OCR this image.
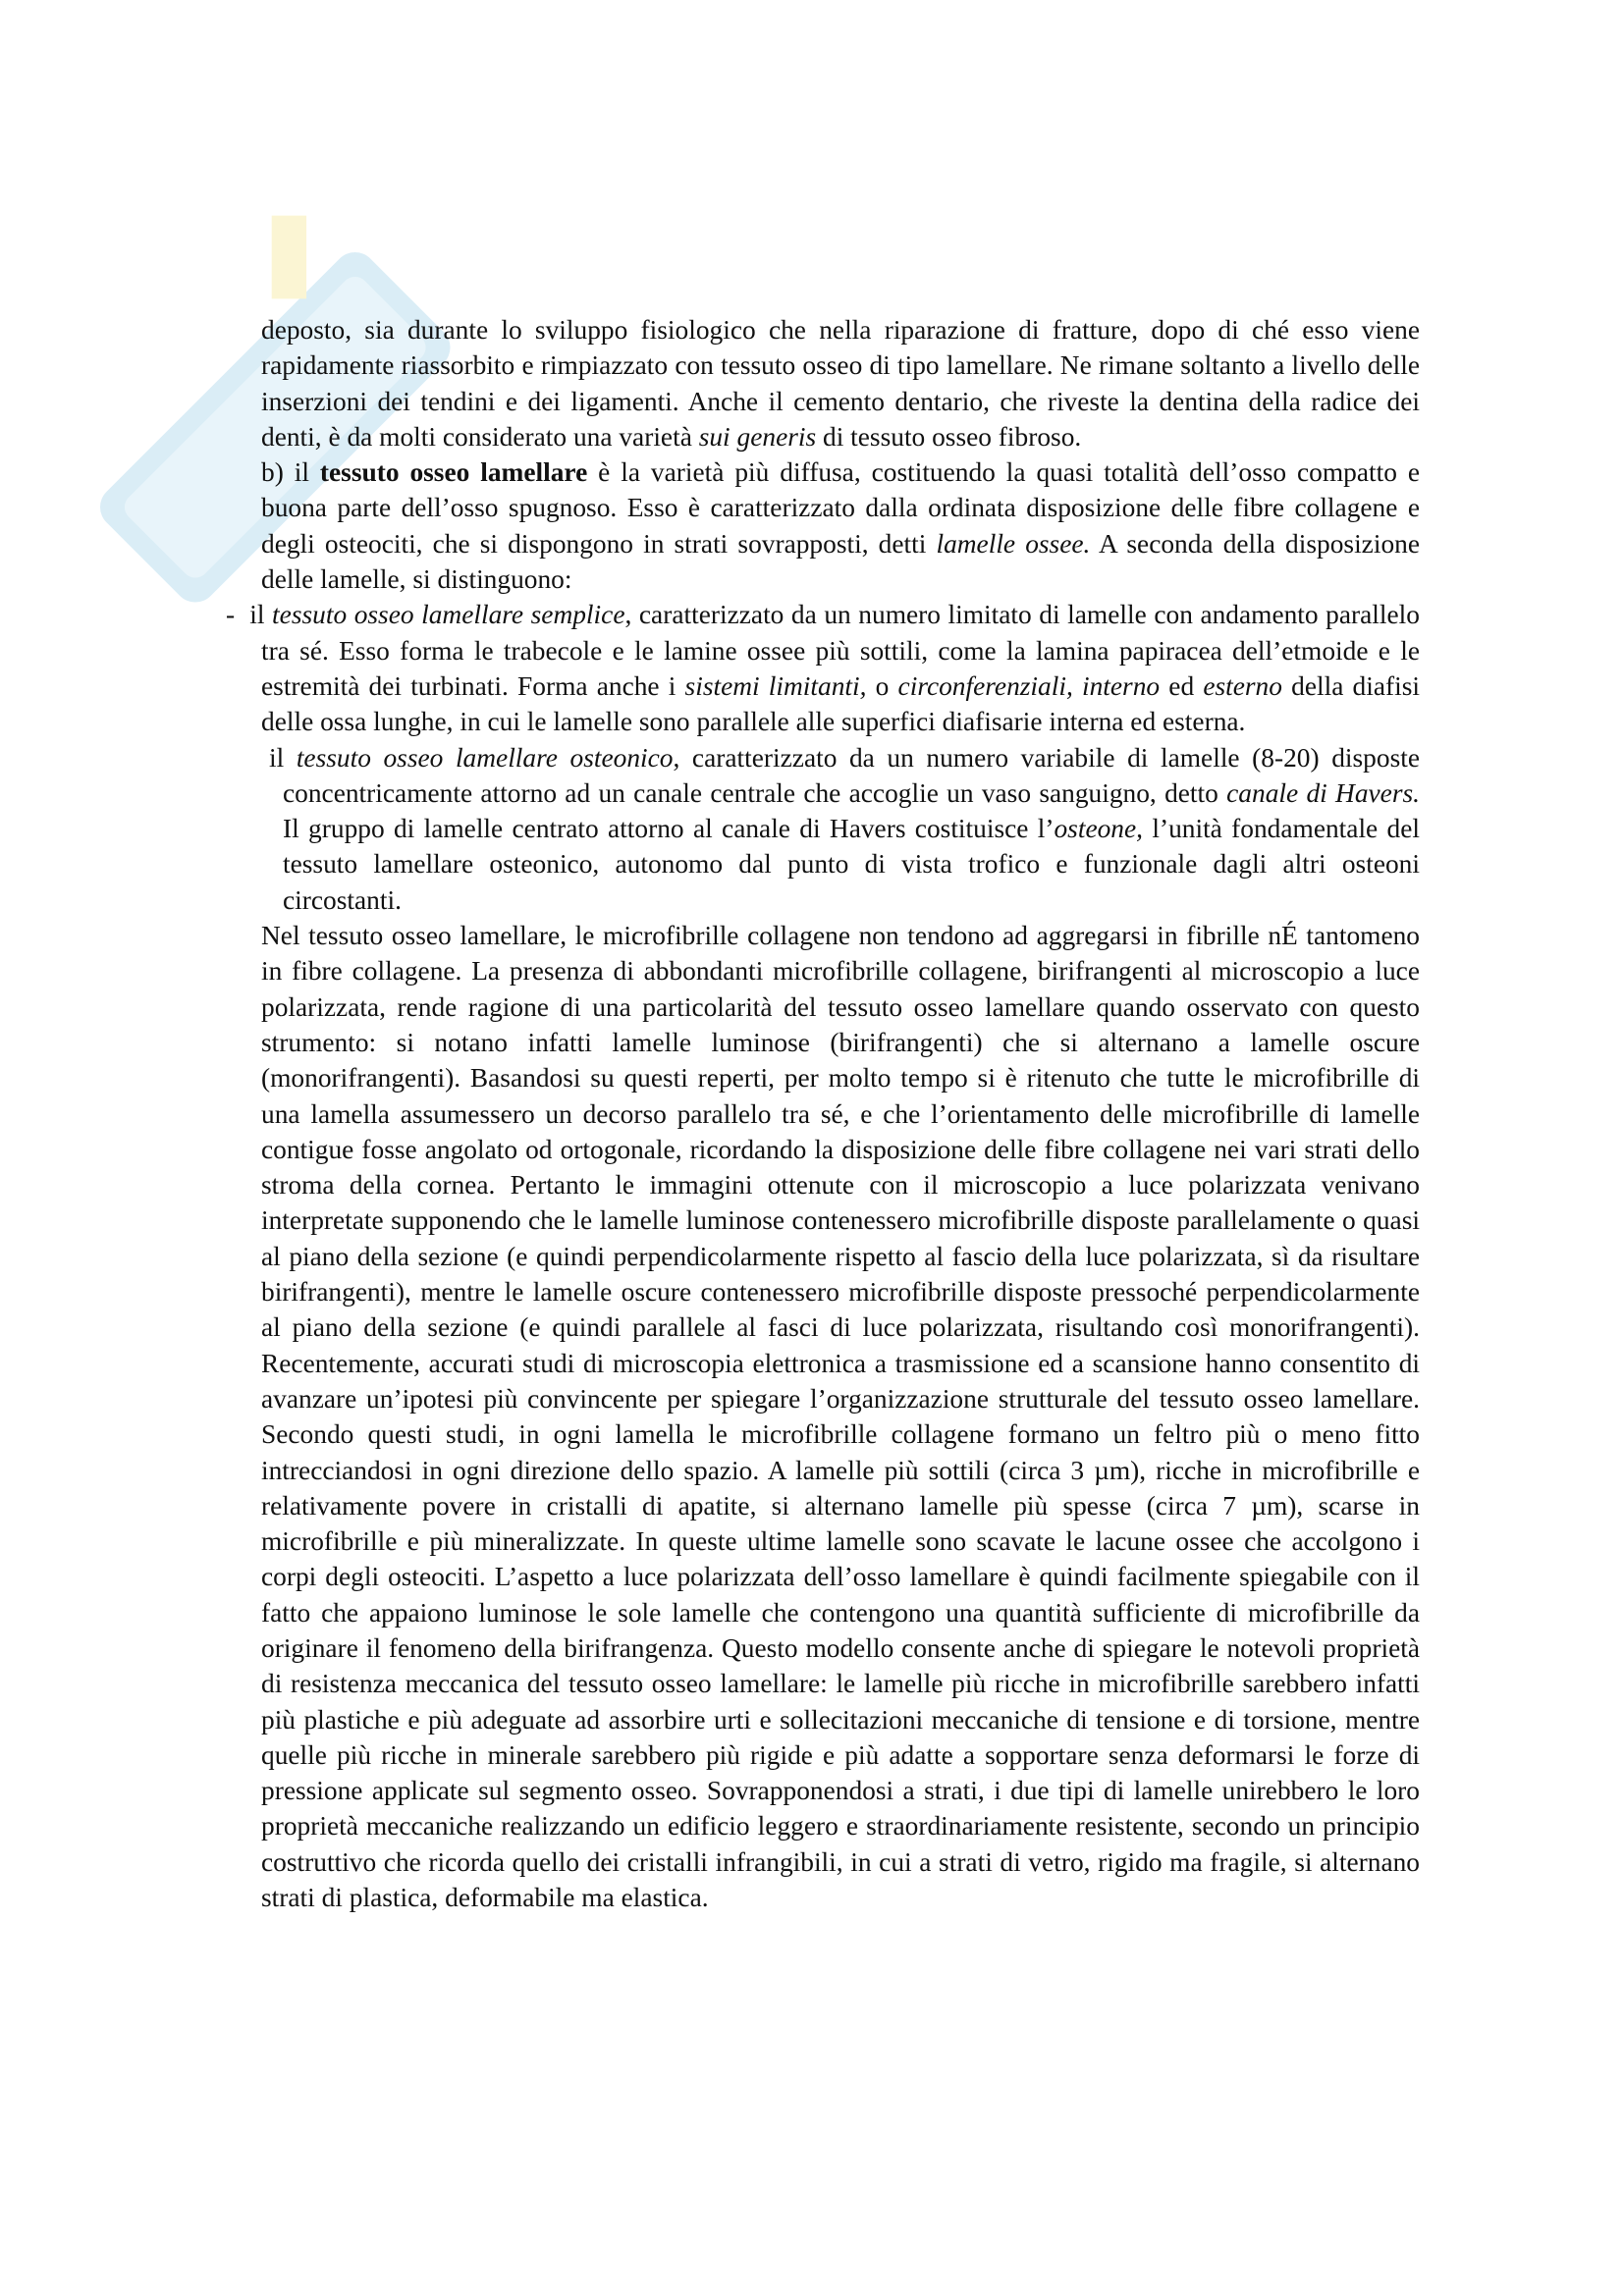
deposto, sia durante lo sviluppo fisiologico che nella riparazione di fratture, dopo di ché esso viene rapidamente riassorbito e rimpiazzato con tessuto osseo di tipo lamellare. Ne rimane soltanto a livello delle inserzioni dei tendini e dei ligamenti. Anche il cemento dentario, che riveste la dentina della radice dei denti, è da molti considerato una varietà sui generis di tessuto osseo fibroso.

b) il tessuto osseo lamellare è la varietà più diffusa, costituendo la quasi totalità dell’osso compatto e buona parte dell’osso spugnoso. Esso è caratterizzato dalla ordinata disposizione delle fibre collagene e degli osteociti, che si dispongono in strati sovrapposti, detti lamelle ossee. A seconda della disposizione delle lamelle, si distinguono:

- il tessuto osseo lamellare semplice, caratterizzato da un numero limitato di lamelle con andamento parallelo tra sé. Esso forma le trabecole e le lamine ossee più sottili, come la lamina papiracea dell’etmoide e le estremità dei turbinati. Forma anche i sistemi limitanti, o circonferenziali, interno ed esterno della diafisi delle ossa lunghe, in cui le lamelle sono parallele alle superfici diafisarie interna ed esterna.

il tessuto osseo lamellare osteonico, caratterizzato da un numero variabile di lamelle (8-20) disposte concentricamente attorno ad un canale centrale che accoglie un vaso sanguigno, detto canale di Havers. Il gruppo di lamelle centrato attorno al canale di Havers costituisce l’osteone, l’unità fondamentale del tessuto lamellare osteonico, autonomo dal punto di vista trofico e funzionale dagli altri osteoni circostanti.

Nel tessuto osseo lamellare, le microfibrille collagene non tendono ad aggregarsi in fibrille nÉ tantomeno in fibre collagene. La presenza di abbondanti microfibrille collagene, birifrangenti al microscopio a luce polarizzata, rende ragione di una particolarità del tessuto osseo lamellare quando osservato con questo strumento: si notano infatti lamelle luminose (birifrangenti) che si alternano a lamelle oscure (monorifrangenti). Basandosi su questi reperti, per molto tempo si è ritenuto che tutte le microfibrille di una lamella assumessero un decorso parallelo tra sé, e che l’orientamento delle microfibrille di lamelle contigue fosse angolato od ortogonale, ricordando la disposizione delle fibre collagene nei vari strati dello stroma della cornea. Pertanto le immagini ottenute con il microscopio a luce polarizzata venivano interpretate supponendo che le lamelle luminose contenessero microfibrille disposte parallelamente o quasi al piano della sezione (e quindi perpendicolarmente rispetto al fascio della luce polarizzata, sì da risultare birifrangenti), mentre le lamelle oscure contenessero microfibrille disposte pressoché perpendicolarmente al piano della sezione (e quindi parallele al fasci di luce polarizzata, risultando così monorifrangenti). Recentemente, accurati studi di microscopia elettronica a trasmissione ed a scansione hanno consentito di avanzare un’ipotesi più convincente per spiegare l’organizzazione strutturale del tessuto osseo lamellare. Secondo questi studi, in ogni lamella le microfibrille collagene formano un feltro più o meno fitto intrecciandosi in ogni direzione dello spazio. A lamelle più sottili (circa 3 µm), ricche in microfibrille e relativamente povere in cristalli di apatite, si alternano lamelle più spesse (circa 7 µm), scarse in microfibrille e più mineralizzate. In queste ultime lamelle sono scavate le lacune ossee che accolgono i corpi degli osteociti. L’aspetto a luce polarizzata dell’osso lamellare è quindi facilmente spiegabile con il fatto che appaiono luminose le sole lamelle che contengono una quantità sufficiente di microfibrille da originare il fenomeno della birifrangenza. Questo modello consente anche di spiegare le notevoli proprietà di resistenza meccanica del tessuto osseo lamellare: le lamelle più ricche in microfibrille sarebbero infatti più plastiche e più adeguate ad assorbire urti e sollecitazioni meccaniche di tensione e di torsione, mentre quelle più ricche in minerale sarebbero più rigide e più adatte a sopportare senza deformarsi le forze di pressione applicate sul segmento osseo. Sovrapponendosi a strati, i due tipi di lamelle unirebbero le loro proprietà meccaniche realizzando un edificio leggero e straordinariamente resistente, secondo un principio costruttivo che ricorda quello dei cristalli infrangibili, in cui a strati di vetro, rigido ma fragile, si alternano strati di plastica, deformabile ma elastica.
